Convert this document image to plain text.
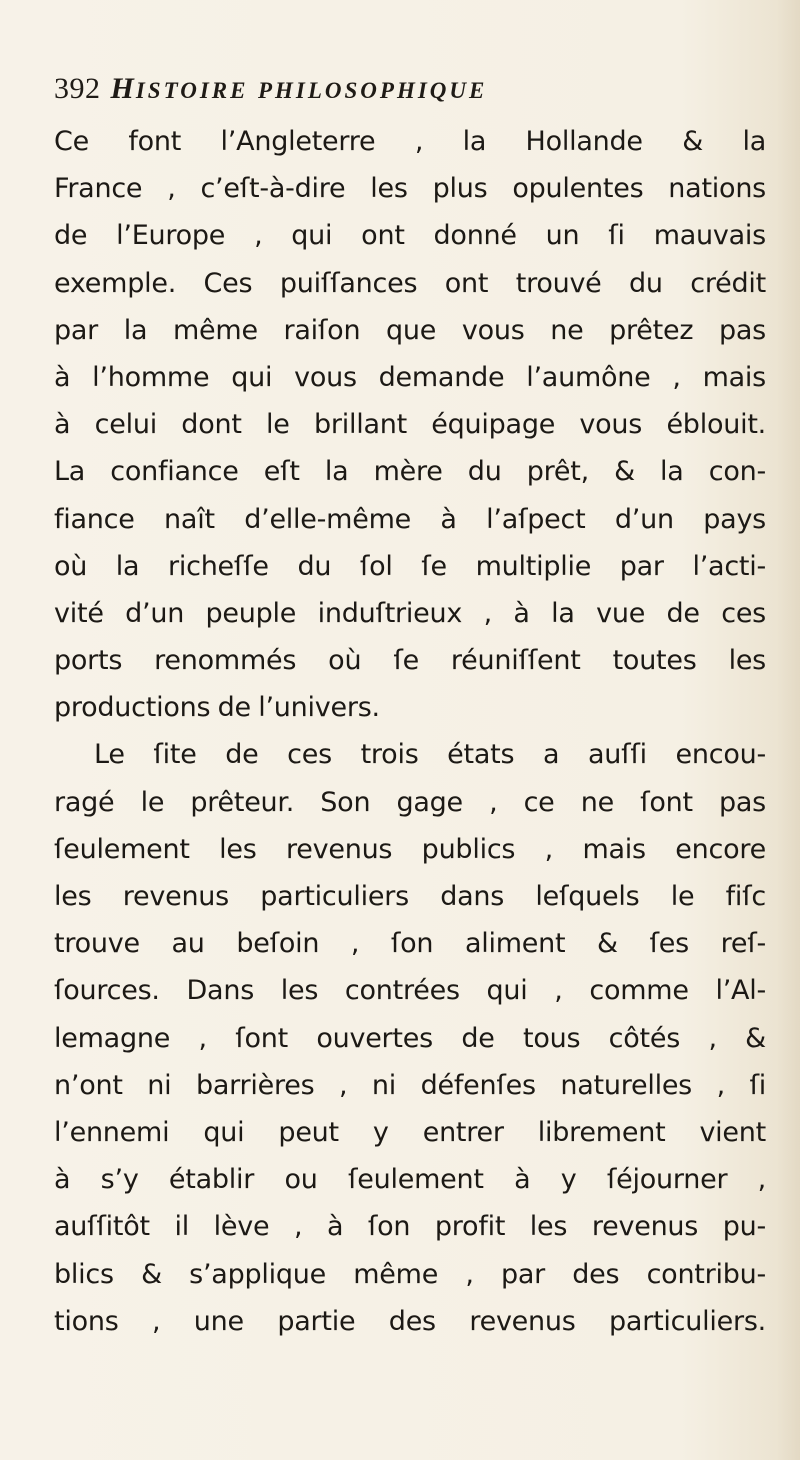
392 HISTOIRE PHILOSOPHIQUE
Ce font l’Angleterre , la Hollande & la
France , c’eſt-à-dire les plus opulentes nations
de l’Europe , qui ont donné un ſi mauvais
exemple. Ces puiſſances ont trouvé du crédit
par la même raiſon que vous ne prêtez pas
à l’homme qui vous demande l’aumône , mais
à celui dont le brillant équipage vous éblouit.
La confiance eſt la mère du prêt, & la con-
fiance naît d’elle-même à l’aſpect d’un pays
où la richeſſe du ſol ſe multiplie par l’acti-
vité d’un peuple induſtrieux , à la vue de ces
ports renommés où ſe réuniſſent toutes les
productions de l’univers.
Le ſite de ces trois états a auſſi encou-
ragé le prêteur. Son gage , ce ne ſont pas
ſeulement les revenus publics , mais encore
les revenus particuliers dans leſquels le fiſc
trouve au beſoin , ſon aliment & ſes reſ-
ſources. Dans les contrées qui , comme l’Al-
lemagne , ſont ouvertes de tous côtés , &
n’ont ni barrières , ni défenſes naturelles , ſi
l’ennemi qui peut y entrer librement vient
à s’y établir ou ſeulement à y ſéjourner ,
auſſitôt il lève , à ſon profit les revenus pu-
blics & s’applique même , par des contribu-
tions , une partie des revenus particuliers.
